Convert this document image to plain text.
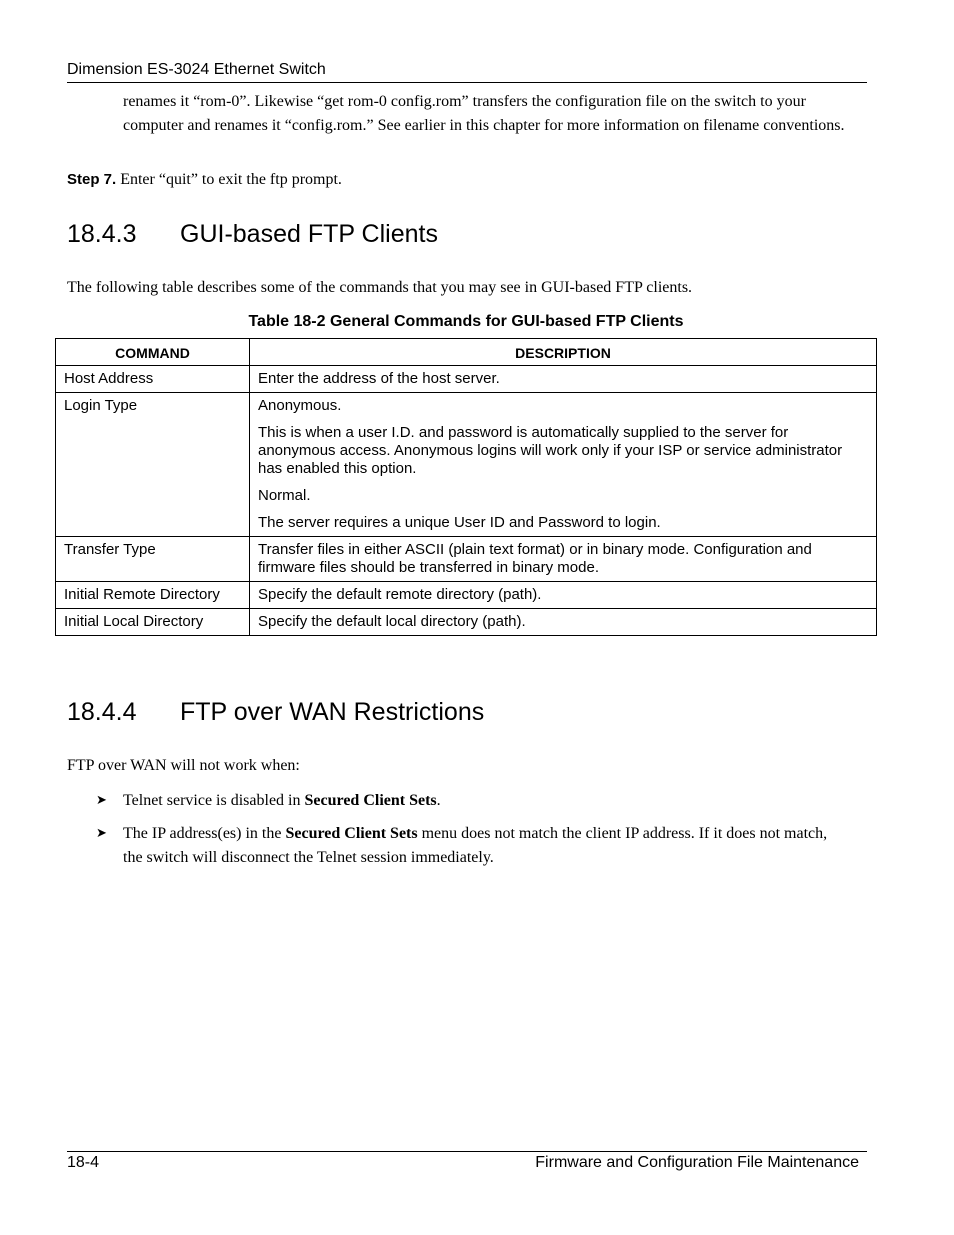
Dimension ES-3024 Ethernet Switch
renames it “rom-0”. Likewise “get rom-0 config.rom” transfers the configuration file on the switch to your computer and renames it “config.rom.” See earlier in this chapter for more information on filename conventions.
Step 7. Enter “quit” to exit the ftp prompt.
18.4.3 GUI-based FTP Clients
The following table describes some of the commands that you may see in GUI-based FTP clients.
Table 18-2 General Commands for GUI-based FTP Clients
COMMAND	DESCRIPTION
Host Address	Enter the address of the host server.

Login Type	Anonymous.

This is when a user I.D. and password is automatically supplied to the server for anonymous access. Anonymous logins will work only if your ISP or service administrator has enabled this option.

Normal.

The server requires a unique User ID and Password to login.

Transfer Type	Transfer files in either ASCII (plain text format) or in binary mode. Configuration and firmware files should be transferred in binary mode.

Initial Remote Directory	Specify the default remote directory (path).

Initial Local Directory	Specify the default local directory (path).

18.4.4 FTP over WAN Restrictions
FTP over WAN will not work when:
➤ Telnet service is disabled in Secured Client Sets.
➤ The IP address(es) in the Secured Client Sets menu does not match the client IP address. If it does not match, the switch will disconnect the Telnet session immediately.
18-4	Firmware and Configuration File Maintenance
